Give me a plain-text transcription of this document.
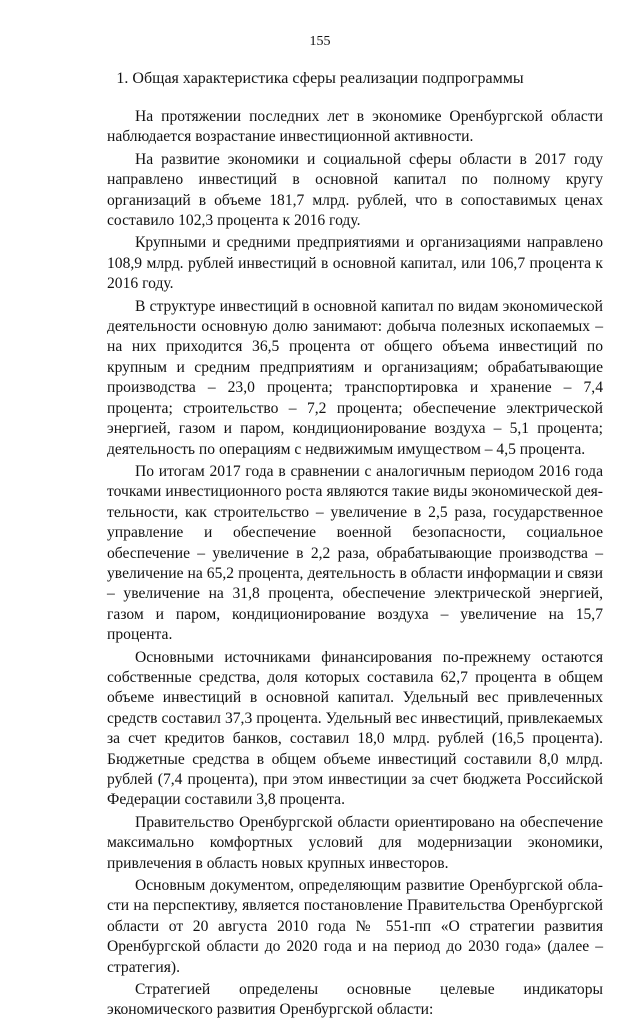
155
1. Общая характеристика сферы реализации подпрограммы

На протяжении последних лет в экономике Оренбургской области наблюдается возрастание инвестиционной активности.

На развитие экономики и социальной сферы области в 2017 году направлено инвестиций в основной капитал по полному кругу организаций в объеме 181,7 млрд. рублей, что в сопоставимых ценах составило 102,3 процента к 2016 году.

Крупными и средними предприятиями и организациями направлено 108,9 млрд. рублей инвестиций в основной капитал, или 106,7 процента к 2016 году.

В структуре инвестиций в основной капитал по видам экономической деятельности основную долю занимают: добыча полезных ископаемых – на них приходится 36,5 процента от общего объема инвестиций по крупным и средним предприятиям и организациям; обрабатывающие производства – 23,0 процента; транспортировка и хранение – 7,4 процента; строительство – 7,2 процента; обеспечение электрической энергией, газом и паром, кондиционирование воздуха – 5,1 процента; деятельность по операциям с недвижимым имуществом – 4,5 процента.

По итогам 2017 года в сравнении с аналогичным периодом 2016 года точками инвестиционного роста являются такие виды экономической деятельности, как строительство – увеличение в 2,5 раза, государственное управление и обеспечение военной безопасности, социальное обеспечение – увеличение в 2,2 раза, обрабатывающие производства – увеличение на 65,2 процента, деятельность в области информации и связи – увеличение на 31,8 процента, обеспечение электрической энергией, газом и паром, кондиционирование воздуха – увеличение на 15,7 процента.

Основными источниками финансирования по-прежнему остаются собственные средства, доля которых составила 62,7 процента в общем объеме инвестиций в основной капитал. Удельный вес привлеченных средств составил 37,3 процента. Удельный вес инвестиций, привлекаемых за счет кредитов банков, составил 18,0 млрд. рублей (16,5 процента). Бюджетные средства в общем объеме инвестиций составили 8,0 млрд. рублей (7,4 процента), при этом инвестиции за счет бюджета Российской Федерации составили 3,8 процента.

Правительство Оренбургской области ориентировано на обеспечение максимально комфортных условий для модернизации экономики, привлечения в область новых крупных инвесторов.

Основным документом, определяющим развитие Оренбургской области на перспективу, является постановление Правительства Оренбургской области от 20 августа 2010 года № 551-пп «О стратегии развития Оренбургской области до 2020 года и на период до 2030 года» (далее – стратегия).

Стратегией определены основные целевые индикаторы экономического развития Оренбургской области:
